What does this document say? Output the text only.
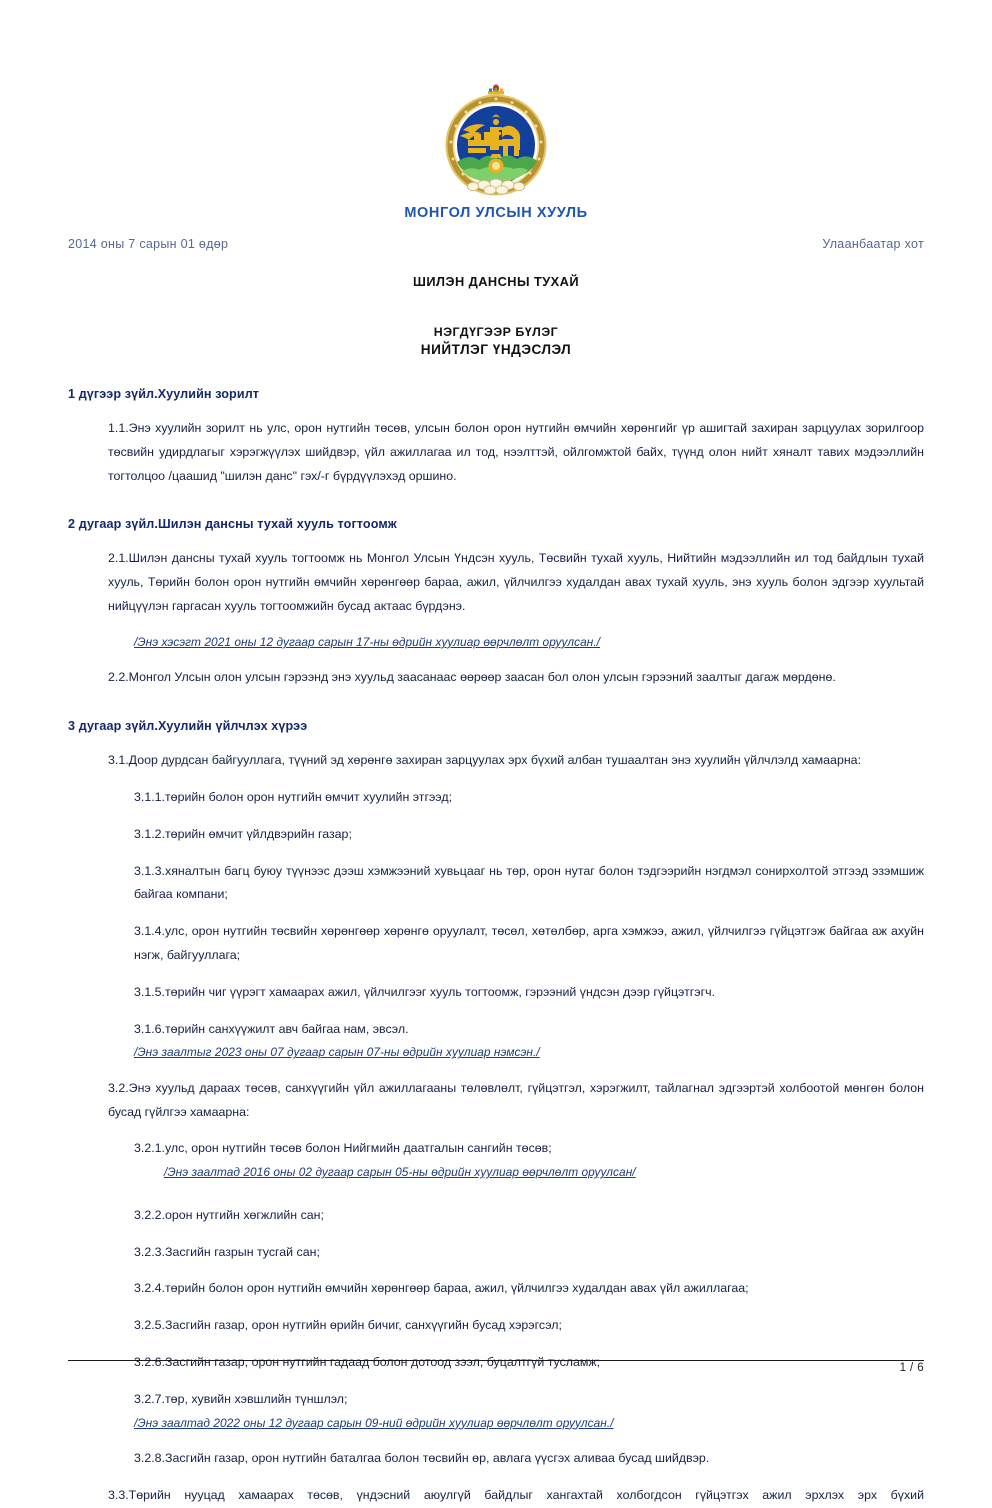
МОНГОЛ УЛСЫН ХУУЛЬ
2014 оны 7 сарын 01 өдөр	Улаанбаатар хот
ШИЛЭН ДАНСНЫ ТУХАЙ
НЭГДҮГЭЭР БҮЛЭГ
НИЙТЛЭГ ҮНДЭСЛЭЛ
1 дүгээр зүйл.Хуулийн зорилт

1.1.Энэ хуулийн зорилт нь улс, орон нутгийн төсөв, улсын болон орон нутгийн өмчийн хөрөнгийг үр ашигтай захиран зарцуулах зорилгоор төсвийн удирдлагыг хэрэгжүүлэх шийдвэр, үйл ажиллагаа ил тод, нээлттэй, ойлгомжтой байх, түүнд олон нийт хяналт тавих мэдээллийн тогтолцоо /цаашид "шилэн данс" гэх/-г бүрдүүлэхэд оршино.

2 дугаар зүйл.Шилэн дансны тухай хууль тогтоомж

2.1.Шилэн дансны тухай хууль тогтоомж нь Монгол Улсын Үндсэн хууль, Төсвийн тухай хууль, Нийтийн мэдээллийн ил тод байдлын тухай хууль, Төрийн болон орон нутгийн өмчийн хөрөнгөөр бараа, ажил, үйлчилгээ худалдан авах тухай хууль, энэ хууль болон эдгээр хуультай нийцүүлэн гаргасан хууль тогтоомжийн бусад актаас бүрдэнэ.

/Энэ хэсэгт 2021 оны 12 дугаар сарын 17-ны өдрийн хуулиар өөрчлөлт оруулсан./

2.2.Монгол Улсын олон улсын гэрээнд энэ хуульд заасанаас өөрөөр заасан бол олон улсын гэрээний заалтыг дагаж мөрдөнө.

3 дугаар зүйл.Хуулийн үйлчлэх хүрээ

3.1.Доор дурдсан байгууллага, түүний эд хөрөнгө захиран зарцуулах эрх бүхий албан тушаалтан энэ хуулийн үйлчлэлд хамаарна:

3.1.1.төрийн болон орон нутгийн өмчит хуулийн этгээд;

3.1.2.төрийн өмчит үйлдвэрийн газар;

3.1.3.хяналтын багц буюу түүнээс дээш хэмжээний хувьцааг нь төр, орон нутаг болон тэдгээрийн нэгдмэл сонирхолтой этгээд эзэмшиж байгаа компани;

3.1.4.улс, орон нутгийн төсвийн хөрөнгөөр хөрөнгө оруулалт, төсөл, хөтөлбөр, арга хэмжээ, ажил, үйлчилгээ гүйцэтгэж байгаа аж ахуйн нэгж, байгууллага;

3.1.5.төрийн чиг үүрэгт хамаарах ажил, үйлчилгээг хууль тогтоомж, гэрээний үндсэн дээр гүйцэтгэгч.

3.1.6.төрийн санхүүжилт авч байгаа нам, эвсэл.

/Энэ заалтыг 2023 оны 07 дугаар сарын 07-ны өдрийн хуулиар нэмсэн./

3.2.Энэ хуульд дараах төсөв, санхүүгийн үйл ажиллагааны төлөвлөлт, гүйцэтгэл, хэрэгжилт, тайлагнал эдгээртэй холбоотой мөнгөн болон бусад гүйлгээ хамаарна:

3.2.1.улс, орон нутгийн төсөв болон Нийгмийн даатгалын сангийн төсөв;

/Энэ заалтад 2016 оны 02 дугаар сарын 05-ны өдрийн хуулиар өөрчлөлт оруулсан/

3.2.2.орон нутгийн хөгжлийн сан;

3.2.3.Засгийн газрын тусгай сан;

3.2.4.төрийн болон орон нутгийн өмчийн хөрөнгөөр бараа, ажил, үйлчилгээ худалдан авах үйл ажиллагаа;

3.2.5.Засгийн газар, орон нутгийн өрийн бичиг, санхүүгийн бусад хэрэгсэл;

3.2.6.Засгийн газар, орон нутгийн гадаад болон дотоод зээл, буцалтгүй тусламж;

3.2.7.төр, хувийн хэвшлийн түншлэл;

/Энэ заалтад 2022 оны 12 дугаар сарын 09-ний өдрийн хуулиар өөрчлөлт оруулсан./

3.2.8.Засгийн газар, орон нутгийн баталгаа болон төсвийн өр, авлага үүсгэх аливаа бусад шийдвэр.

3.3.Төрийн нууцад хамаарах төсөв, үндэсний аюулгүй байдлыг хангахтай холбогдсон гүйцэтгэх ажил эрхлэх эрх бүхий

1 / 6
